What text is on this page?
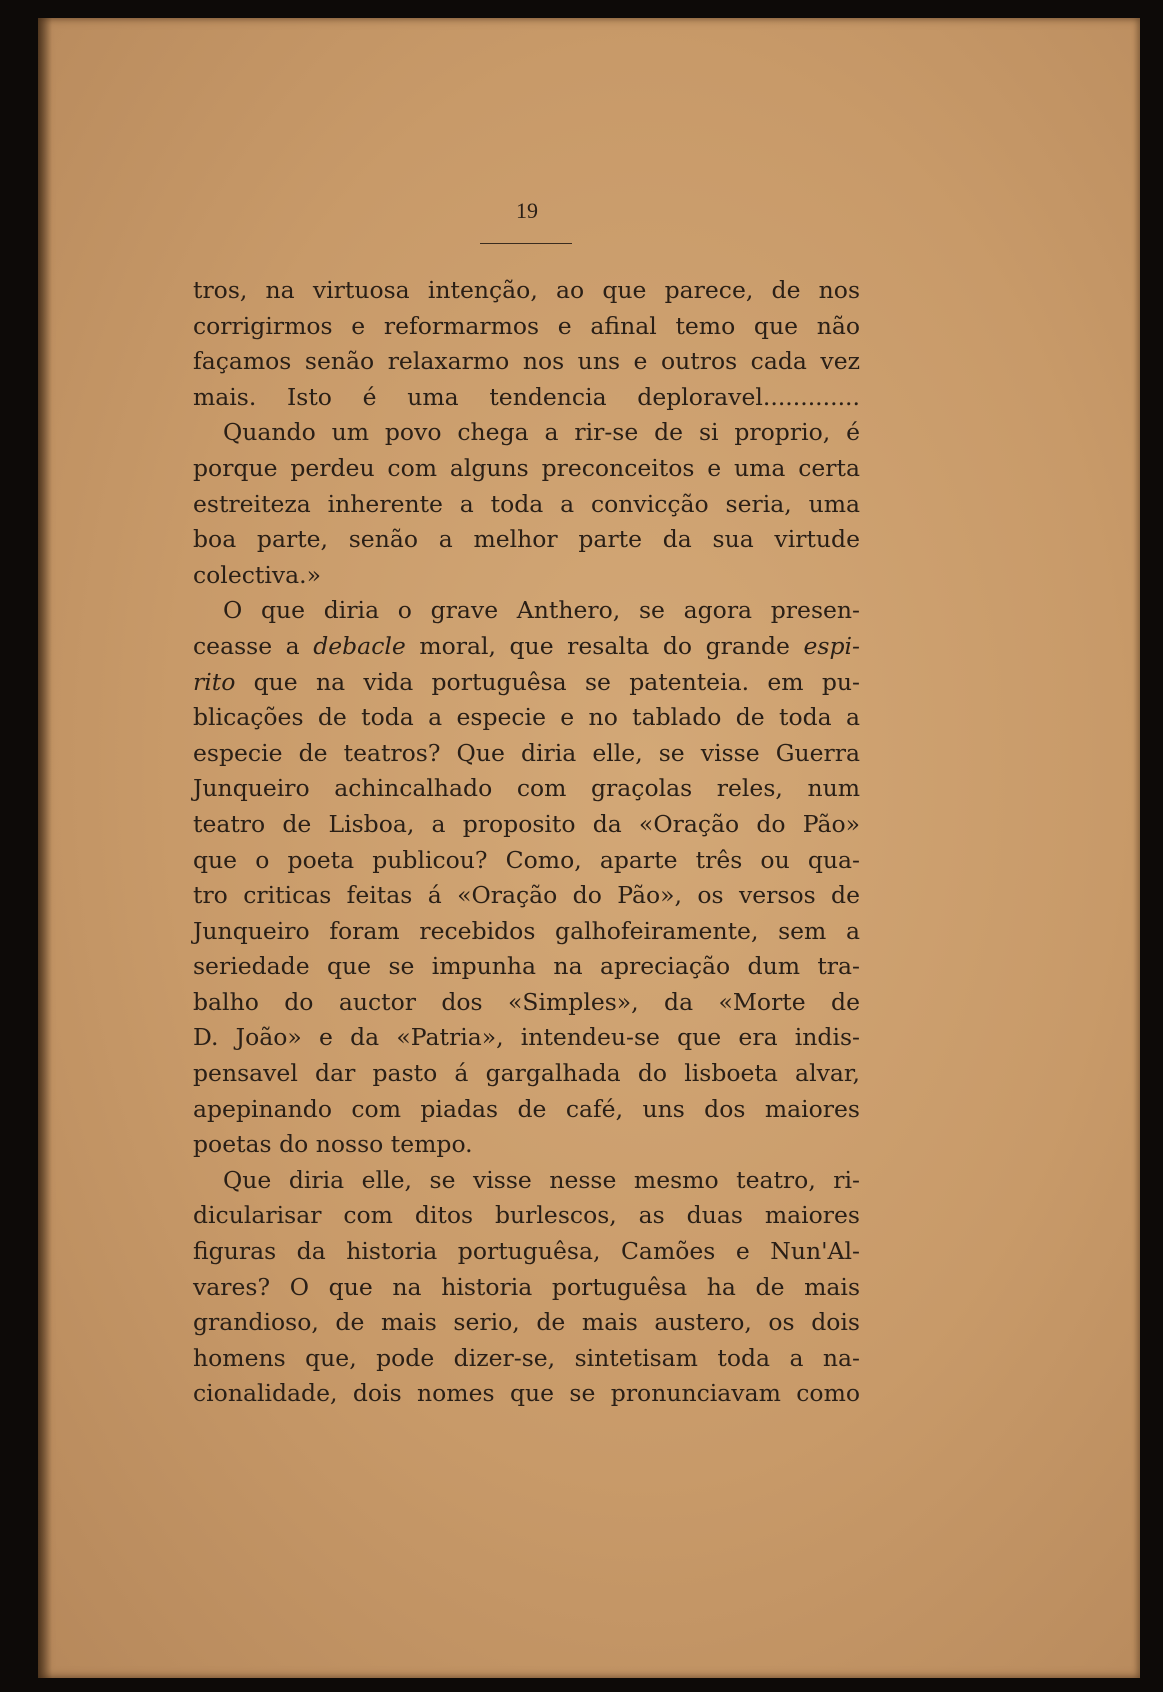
19
tros, na virtuosa intenção, ao que parece, de nos
corrigirmos e reformarmos e afinal temo que não
façamos senão relaxarmo nos uns e outros cada vez
mais. Isto é uma tendencia deploravel.............
Quando um povo chega a rir-se de si proprio, é
porque perdeu com alguns preconceitos e uma certa
estreiteza inherente a toda a convicção seria, uma
boa parte, senão a melhor parte da sua virtude
colectiva.»
O que diria o grave Anthero, se agora presen-
ceasse a debacle moral, que resalta do grande espi-
rito que na vida portuguêsa se patenteia. em pu-
blicações de toda a especie e no tablado de toda a
especie de teatros? Que diria elle, se visse Guerra
Junqueiro achincalhado com graçolas reles, num
teatro de Lisboa, a proposito da «Oração do Pão»
que o poeta publicou? Como, aparte três ou qua-
tro criticas feitas á «Oração do Pão», os versos de
Junqueiro foram recebidos galhofeiramente, sem a
seriedade que se impunha na apreciação dum tra-
balho do auctor dos «Simples», da «Morte de
D. João» e da «Patria», intendeu-se que era indis-
pensavel dar pasto á gargalhada do lisboeta alvar,
apepinando com piadas de café, uns dos maiores
poetas do nosso tempo.
Que diria elle, se visse nesse mesmo teatro, ri-
dicularisar com ditos burlescos, as duas maiores
figuras da historia portuguêsa, Camões e Nun'Al-
vares? O que na historia portuguêsa ha de mais
grandioso, de mais serio, de mais austero, os dois
homens que, pode dizer-se, sintetisam toda a na-
cionalidade, dois nomes que se pronunciavam como
